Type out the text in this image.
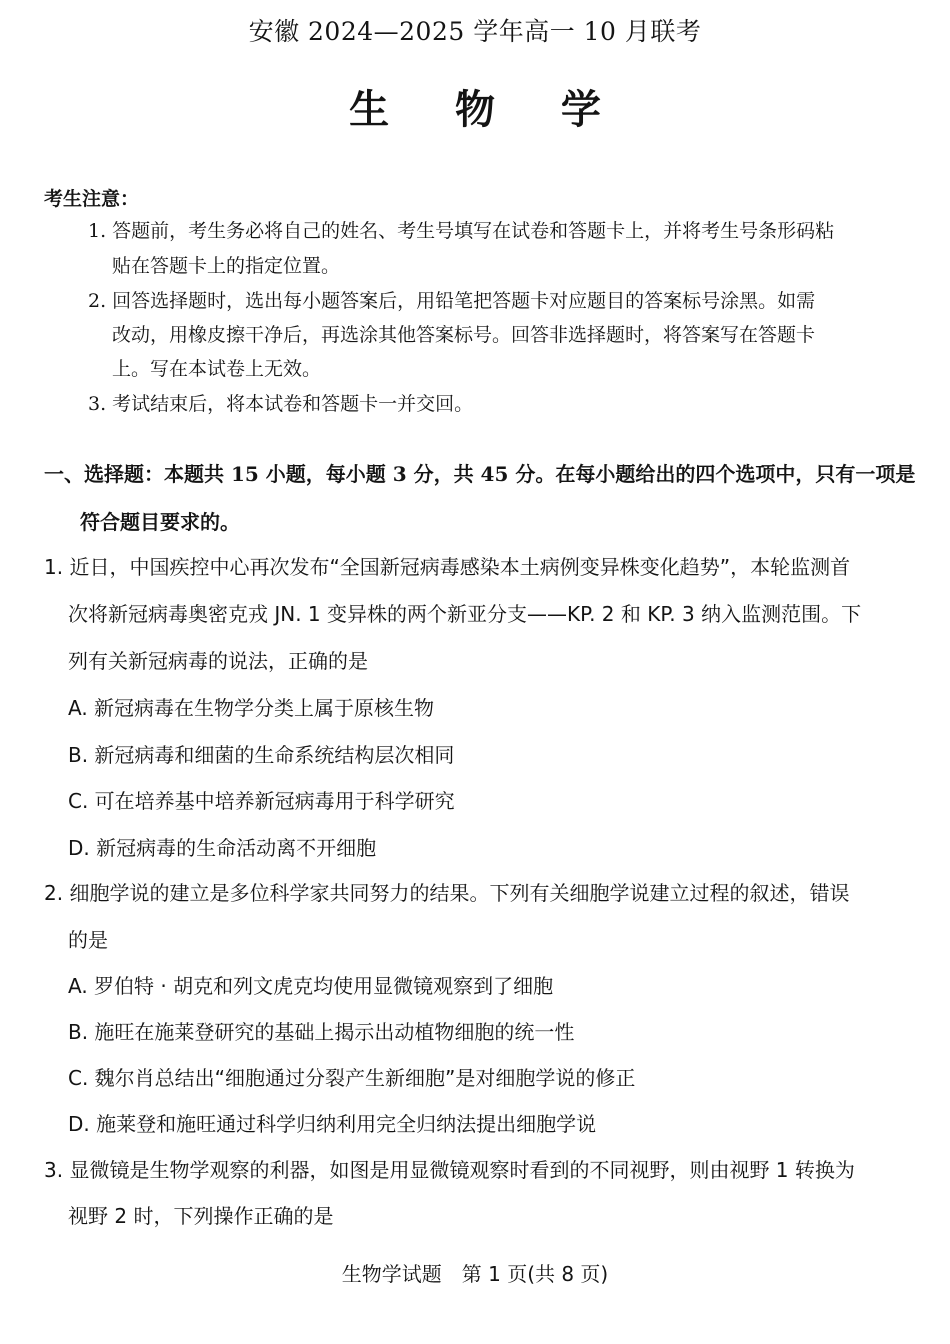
安徽 2024—2025 学年高一 10 月联考
生 物 学
考生注意：
1. 答题前，考生务必将自己的姓名、考生号填写在试卷和答题卡上，并将考生号条形码粘
贴在答题卡上的指定位置。
2. 回答选择题时，选出每小题答案后，用铅笔把答题卡对应题目的答案标号涂黑。如需
改动，用橡皮擦干净后，再选涂其他答案标号。回答非选择题时，将答案写在答题卡
上。写在本试卷上无效。
3. 考试结束后，将本试卷和答题卡一并交回。
一、选择题：本题共 15 小题，每小题 3 分，共 45 分。在每小题给出的四个选项中，只有一项是
符合题目要求的。
1. 近日，中国疾控中心再次发布“全国新冠病毒感染本土病例变异株变化趋势”，本轮监测首
次将新冠病毒奥密克戎 JN. 1 变异株的两个新亚分支——KP. 2 和 KP. 3 纳入监测范围。下
列有关新冠病毒的说法，正确的是
A. 新冠病毒在生物学分类上属于原核生物
B. 新冠病毒和细菌的生命系统结构层次相同
C. 可在培养基中培养新冠病毒用于科学研究
D. 新冠病毒的生命活动离不开细胞
2. 细胞学说的建立是多位科学家共同努力的结果。下列有关细胞学说建立过程的叙述，错误
的是
A. 罗伯特 · 胡克和列文虎克均使用显微镜观察到了细胞
B. 施旺在施莱登研究的基础上揭示出动植物细胞的统一性
C. 魏尔肖总结出“细胞通过分裂产生新细胞”是对细胞学说的修正
D. 施莱登和施旺通过科学归纳利用完全归纳法提出细胞学说
3. 显微镜是生物学观察的利器，如图是用显微镜观察时看到的不同视野，则由视野 1 转换为
视野 2 时，下列操作正确的是
生物学试题　第 1 页(共 8 页)
